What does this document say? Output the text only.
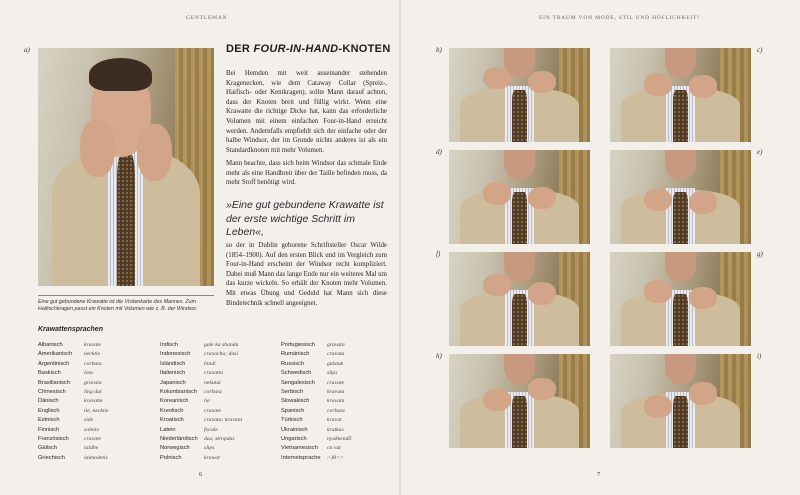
GENTLEMAN	EIN TRAUM VON MODE, STIL UND HÖFLICHKEIT!
a)
Eine gut gebundene Krawatte ist die Visitenkarte des Mannes. Zum Haifischkragen passt ein Knoten mit Volumen wie z. B. der Windsor.
DER FOUR-IN-HAND-KNOTEN
Bei Hemden mit weit auseinander stehenden Kragenecken, wie dem Cataway Collar (Spreiz-, Haifisch- oder Kentkragen), sollte Mann darauf achten, dass der Knoten breit und füllig wirkt. Wenn eine Krawatte die richtige Dicke hat, kann das erforderliche Volumen mit einem einfachen Four-in-Hand erreicht werden. Andernfalls empfiehlt sich der einfache oder der halbe Windsor, der im Grunde nichts anderes ist als ein Standardknoten mit mehr Volumen.
Mann beachte, dass sich beim Windsor das schmale Ende mehr als eine Handbreit über der Taille befinden muss, da mehr Stoff benötigt wird.
»Eine gut gebundene Krawatte ist der erste wichtige Schritt im Leben«,
so der in Dublin geborene Schriftsteller Oscar Wilde (1854–1900). Auf den ersten Blick und im Vergleich zum Four-in-Hand erscheint der Windsor recht kompliziert. Dabei muß Mann das lange Ende nur ein weiteres Mal um das kurze wickeln. So erhält der Knoten mehr Volumen. Mit etwas Übung und Geduld hat Mann sich diese Bindetechnik schnell angeeignet.
Krawattensprachen
Albanisch	kravate
Amerikanisch necktie
Argentinisch	corbata
Baskisch	lota
Brasilianisch gravata
Chinesisch	ling dai
Dänisch	kravatte
Englisch	tie, necktie
Estnisch	side
Finnisch	solmio
Französisch	cravate
Gälisch	taidhe
Griechisch	laimodetis
Indisch	gale ka shanda
Indonesisch cravacho; dasi
Isländisch	bindi
Italienisch	cravatta
Japanisch	nekutai
Kolumbianisch corbata
Koreanisch	tie
Kreolisch	cravate
Kroatisch	cravata; kravata
Latein	focale
Niederländisch das; stropdas
Norwegisch	slips
Polnisch	krawat
Portugiesisch gravata
Rumänisch	cravata
Russisch	galstuk
Schwedisch	slips
Sengalesisch cravate
Serbisch	kravata
Slowakisch	kravata
Spanisch	corbata
Türkisch	kravat
Ukrainisch	kratkas
Ungarisch	nyakkendő
Vietnamesisch ca vat
Internetsprache :-}8<>
b)	c)
d)	e)
f)	g)
h)	i)
6	7
